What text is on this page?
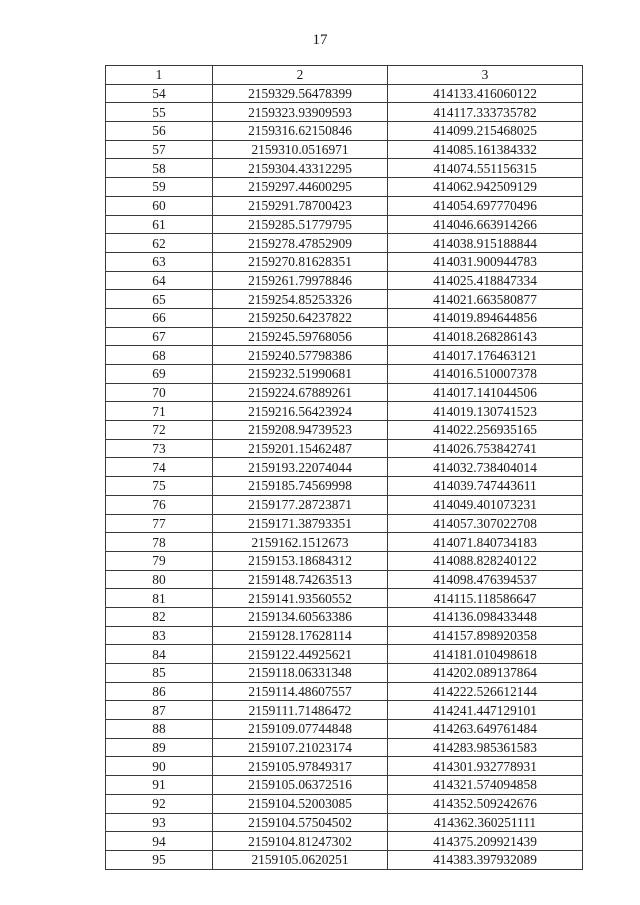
17
1	2	3
54	2159329.56478399	414133.416060122
55	2159323.93909593	414117.333735782
56	2159316.62150846	414099.215468025
57	2159310.0516971	414085.161384332
58	2159304.43312295	414074.551156315
59	2159297.44600295	414062.942509129
60	2159291.78700423	414054.697770496
61	2159285.51779795	414046.663914266
62	2159278.47852909	414038.915188844
63	2159270.81628351	414031.900944783
64	2159261.79978846	414025.418847334
65	2159254.85253326	414021.663580877
66	2159250.64237822	414019.894644856
67	2159245.59768056	414018.268286143
68	2159240.57798386	414017.176463121
69	2159232.51990681	414016.510007378
70	2159224.67889261	414017.141044506
71	2159216.56423924	414019.130741523
72	2159208.94739523	414022.256935165
73	2159201.15462487	414026.753842741
74	2159193.22074044	414032.738404014
75	2159185.74569998	414039.747443611
76	2159177.28723871	414049.401073231
77	2159171.38793351	414057.307022708
78	2159162.1512673	414071.840734183
79	2159153.18684312	414088.828240122
80	2159148.74263513	414098.476394537
81	2159141.93560552	414115.118586647
82	2159134.60563386	414136.098433448
83	2159128.17628114	414157.898920358
84	2159122.44925621	414181.010498618
85	2159118.06331348	414202.089137864
86	2159114.48607557	414222.526612144
87	2159111.71486472	414241.447129101
88	2159109.07744848	414263.649761484
89	2159107.21023174	414283.985361583
90	2159105.97849317	414301.932778931
91	2159105.06372516	414321.574094858
92	2159104.52003085	414352.509242676
93	2159104.57504502	414362.360251111
94	2159104.81247302	414375.209921439
95	2159105.0620251	414383.397932089
